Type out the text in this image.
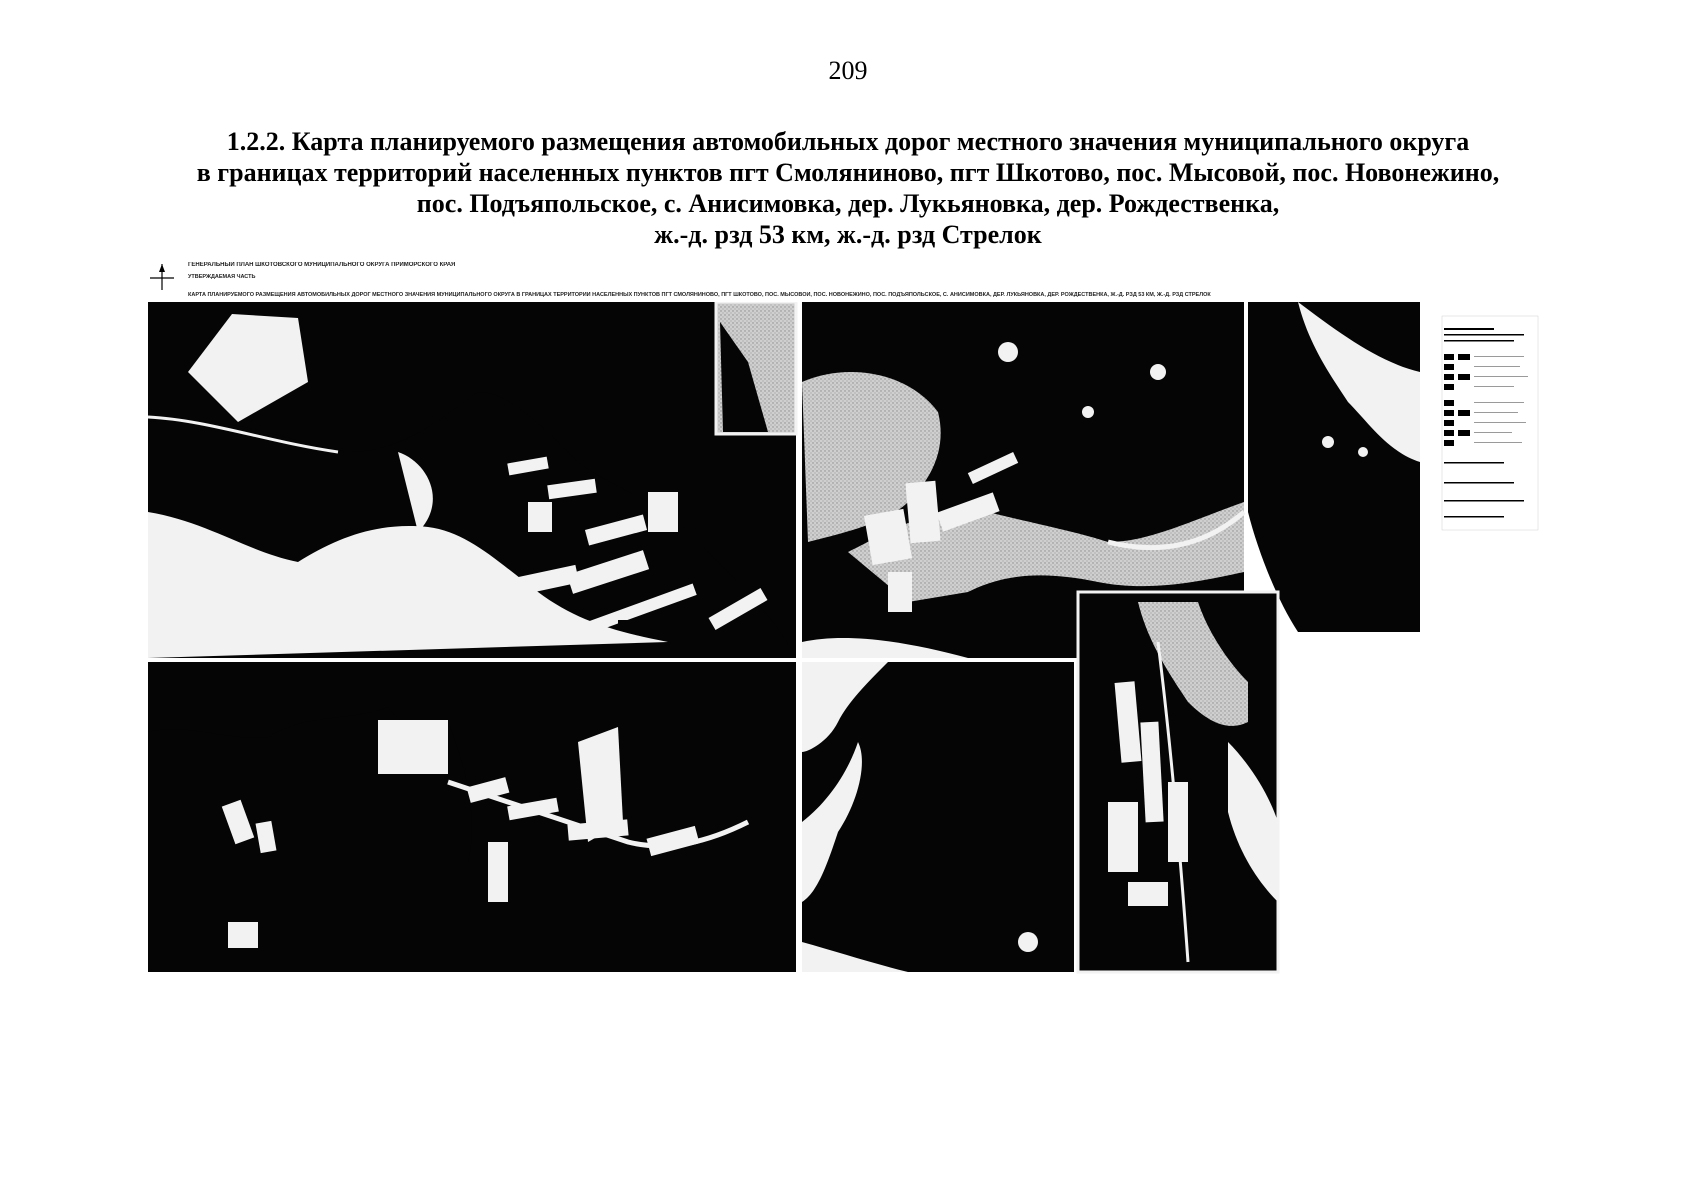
209
1.2.2. Карта планируемого размещения автомобильных дорог местного значения муниципального округа
в границах территорий населенных пунктов пгт Смоляниново, пгт Шкотово, пос. Мысовой, пос. Новонежино,
пос. Подъяпольское, с. Анисимовка, дер. Лукьяновка, дер. Рождественка,
ж.-д. рзд 53 км, ж.-д. рзд Стрелок
ГЕНЕРАЛЬНЫЙ ПЛАН ШКОТОВСКОГО МУНИЦИПАЛЬНОГО ОКРУГА ПРИМОРСКОГО КРАЯ
УТВЕРЖДАЕМАЯ ЧАСТЬ
КАРТА ПЛАНИРУЕМОГО РАЗМЕЩЕНИЯ АВТОМОБИЛЬНЫХ ДОРОГ МЕСТНОГО ЗНАЧЕНИЯ МУНИЦИПАЛЬНОГО ОКРУГА В ГРАНИЦАХ ТЕРРИТОРИЙ НАСЕЛЕННЫХ ПУНКТОВ ПГТ СМОЛЯНИНОВО, ПГТ ШКОТОВО, ПОС. МЫСОВОЙ, ПОС. НОВОНЕЖИНО, ПОС. ПОДЪЯПОЛЬСКОЕ, С. АНИСИМОВКА, ДЕР. ЛУКЬЯНОВКА, ДЕР. РОЖДЕСТВЕНКА, Ж.-Д. РЗД 53 КМ, Ж.-Д. РЗД СТРЕЛОК
